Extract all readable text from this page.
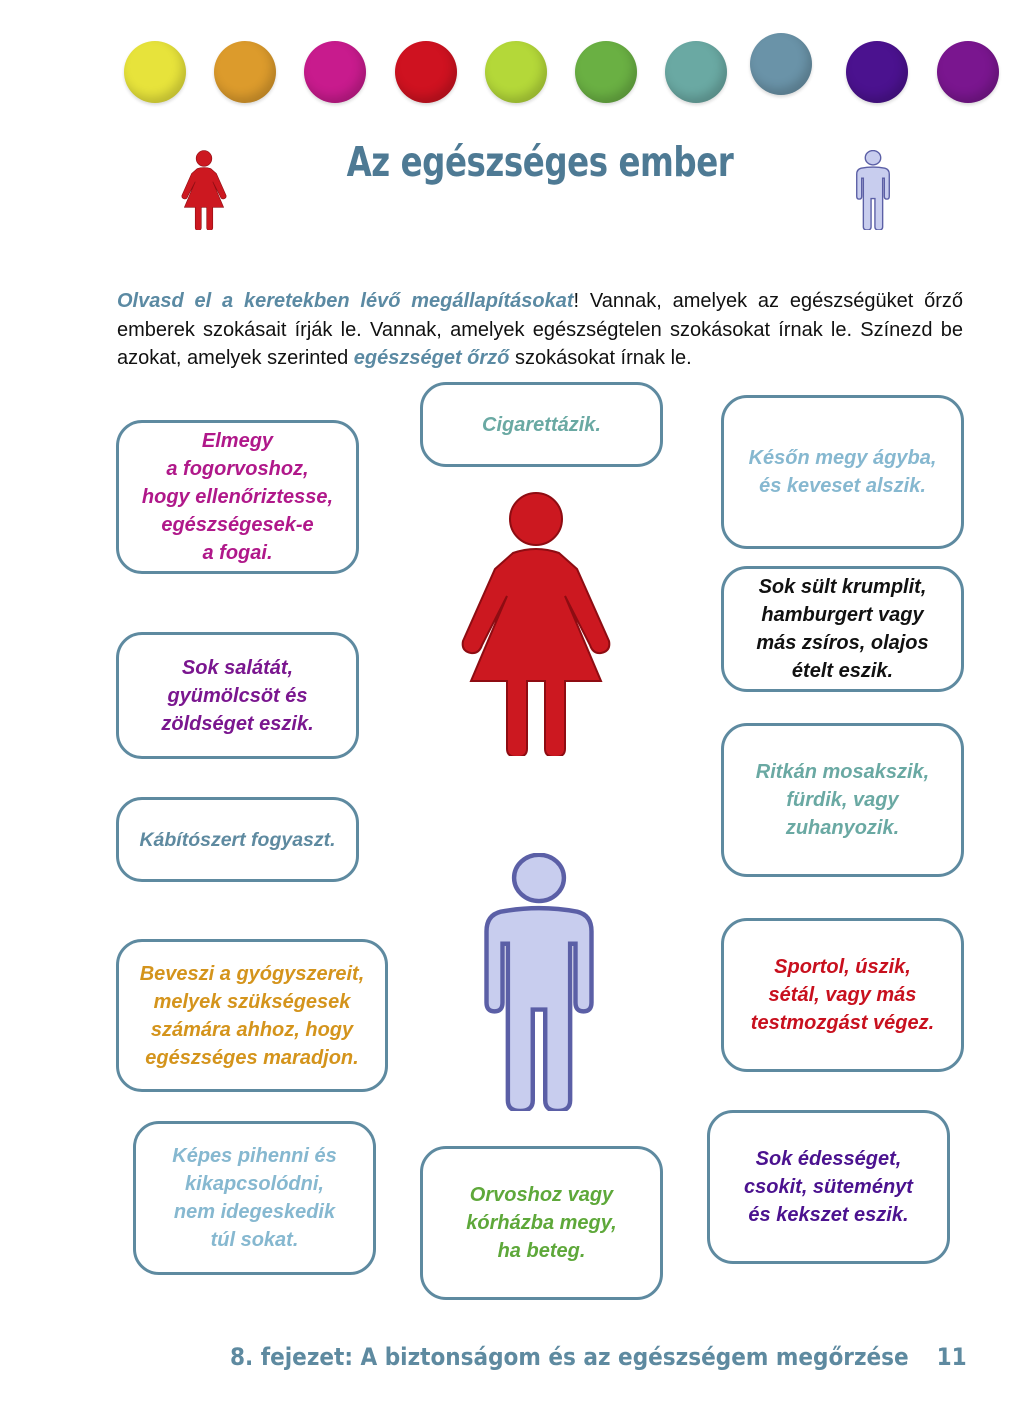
Az egészséges ember
Olvasd el a keretekben lévő megállapításokat! Vannak, amelyek az egészségüket őrző emberek szokásait írják le. Vannak, amelyek egészségtelen szokásokat írnak le. Színezd be azokat, amelyek szerinted egészséget őrző szokásokat írnak le.
Elmegy
a fogorvoshoz,
hogy ellenőriztesse,
egészségesek-e
a fogai.
Cigarettázik.
Későn megy ágyba,
és keveset alszik.
Sok sült krumplit,
hamburgert vagy
más zsíros, olajos
ételt eszik.
Sok salátát,
gyümölcsöt és
zöldséget eszik.
Ritkán mosakszik,
fürdik, vagy
zuhanyozik.
Kábítószert fogyaszt.
Beveszi a gyógyszereit,
melyek szükségesek
számára ahhoz, hogy
egészséges maradjon.
Sportol, úszik,
sétál, vagy más
testmozgást végez.
Képes pihenni és
kikapcsolódni,
nem idegeskedik
túl sokat.
Orvoshoz vagy
kórházba megy,
ha beteg.
Sok édességet,
csokit, süteményt
és kekszet eszik.
8. fejezet: A biztonságom és az egészségem megőrzése 11
